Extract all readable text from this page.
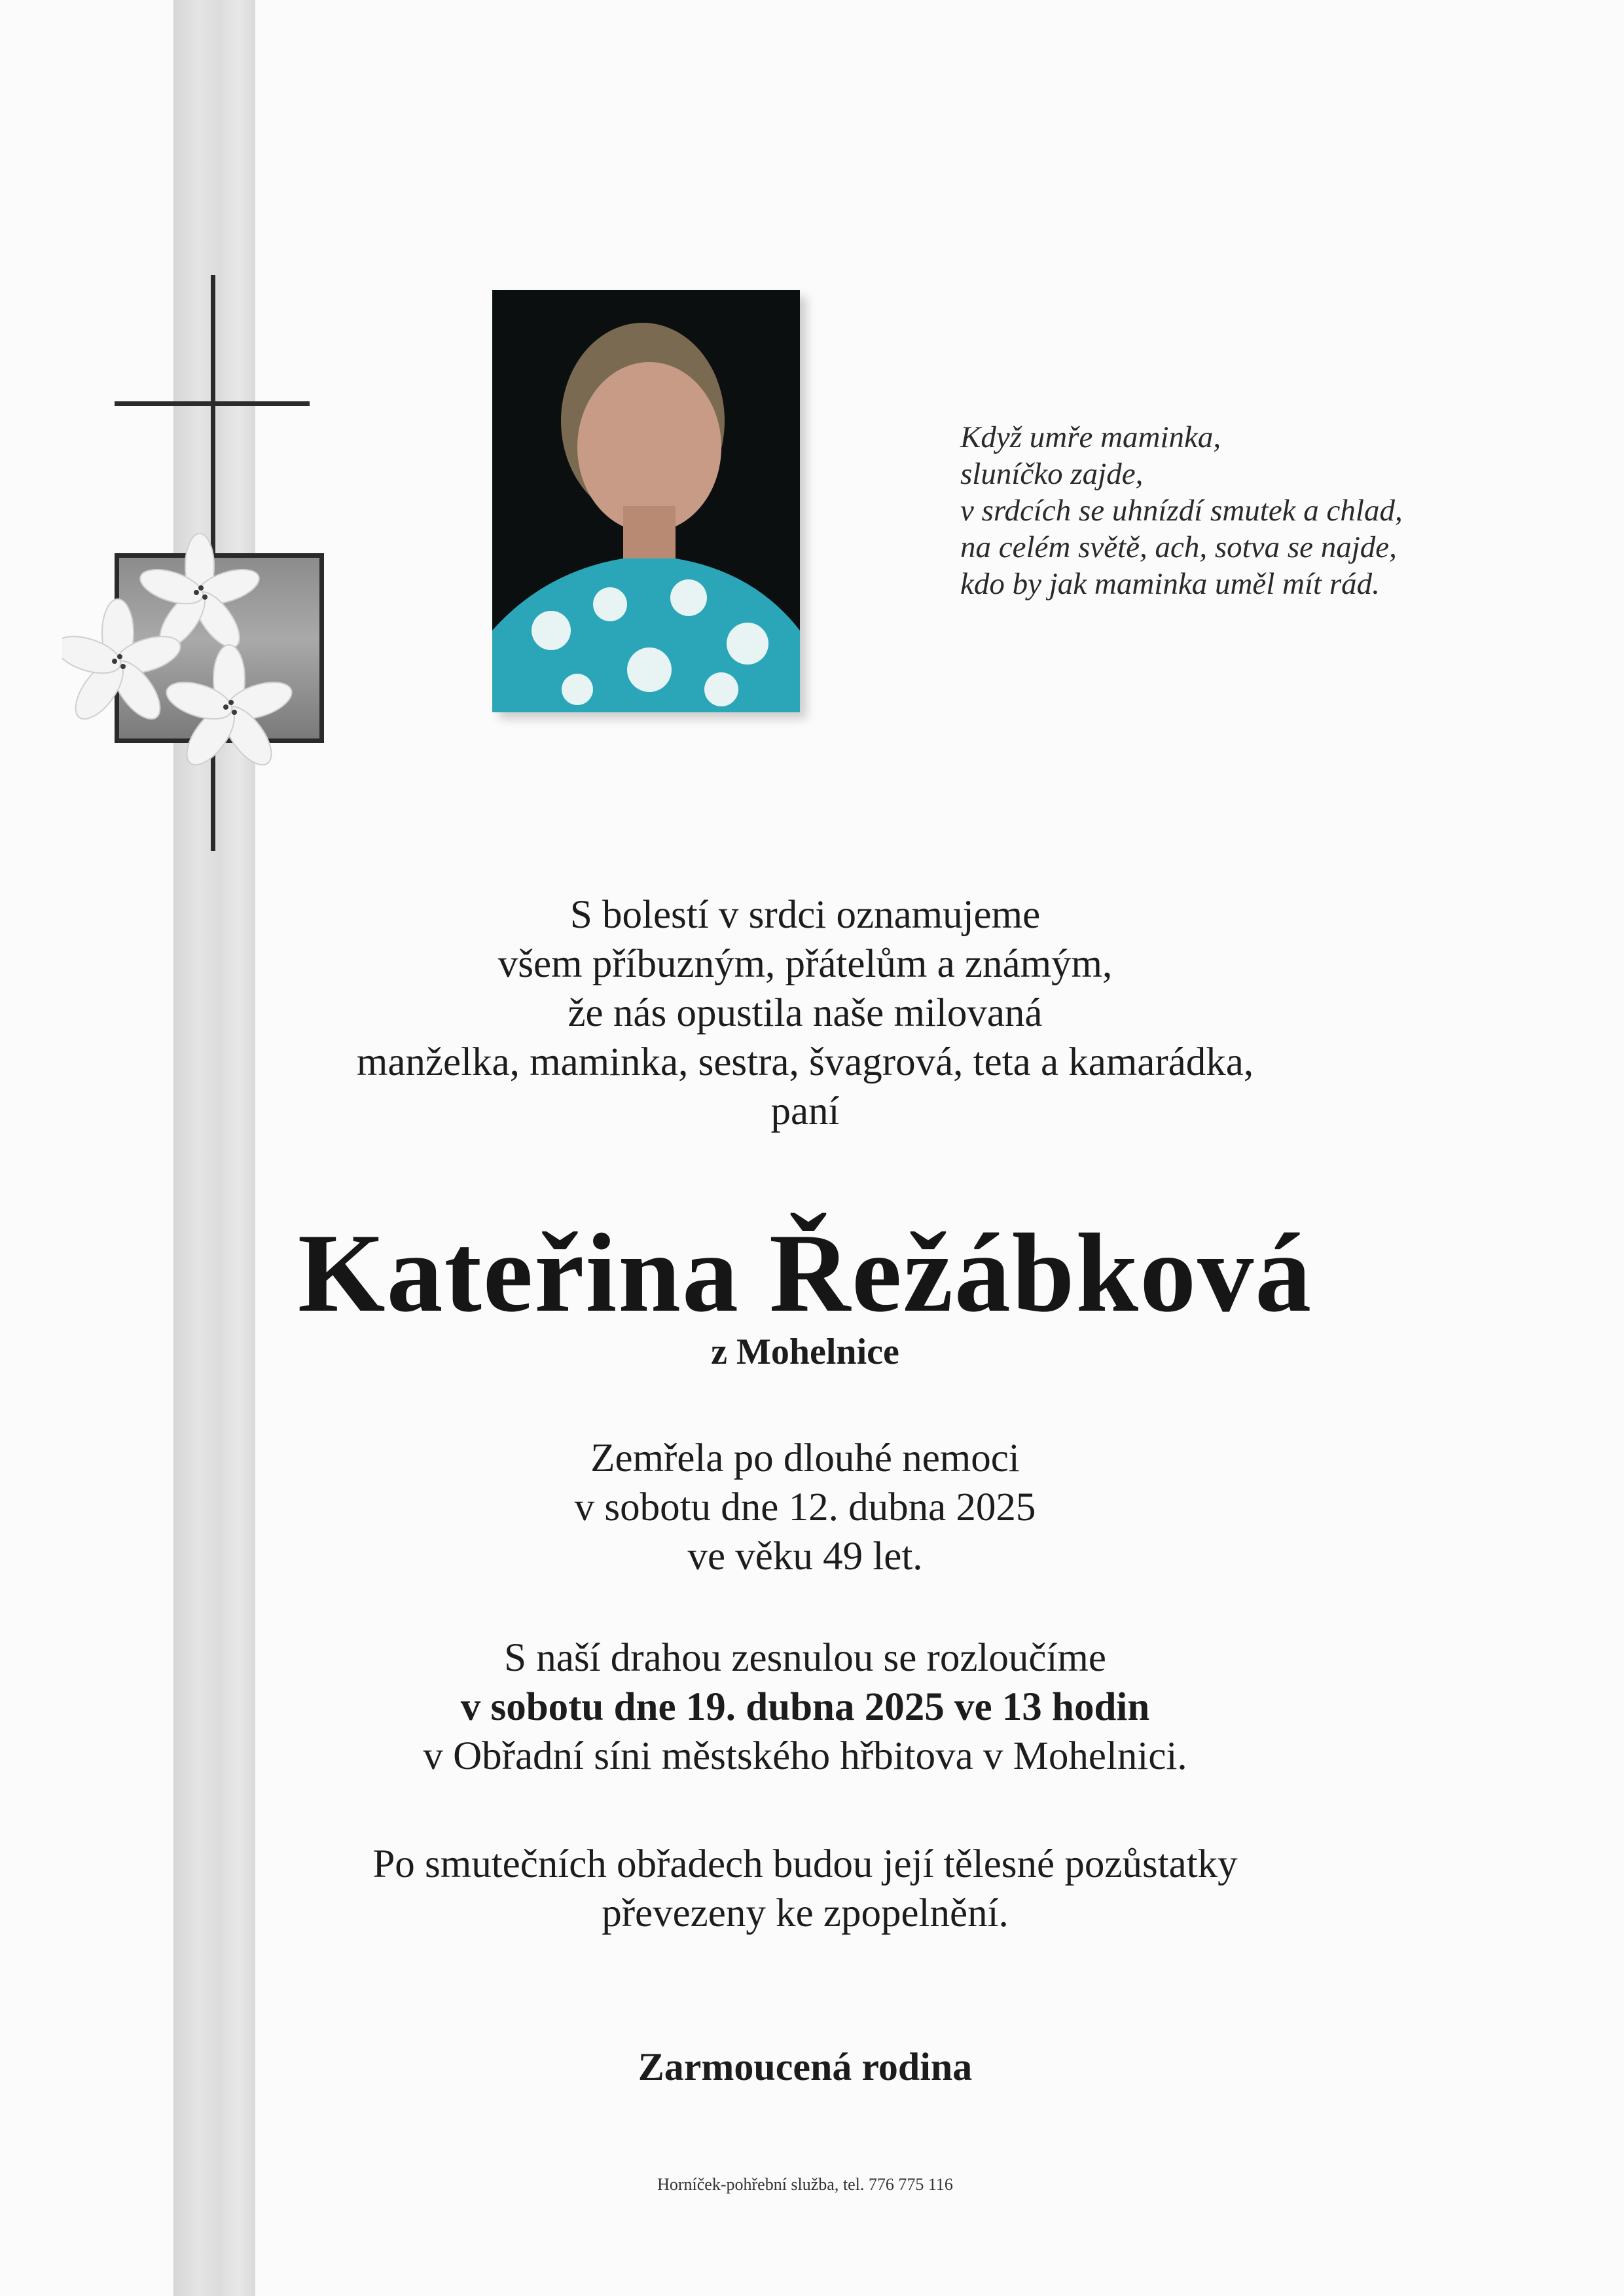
Když umře maminka,
sluníčko zajde,
v srdcích se uhnízdí smutek a chlad,
na celém světě, ach, sotva se najde,
kdo by jak maminka uměl mít rád.
S bolestí v srdci oznamujeme
všem příbuzným, přátelům a známým,
že nás opustila naše milovaná
manželka, maminka, sestra, švagrová, teta a kamarádka,
paní
Kateřina Řežábková
z Mohelnice
Zemřela po dlouhé nemoci
v sobotu dne 12. dubna 2025
ve věku 49 let.
S naší drahou zesnulou se rozloučíme
v sobotu dne 19. dubna 2025 ve 13 hodin
v Obřadní síni městského hřbitova v Mohelnici.
Po smutečních obřadech budou její tělesné pozůstatky
převezeny ke zpopelnění.
Zarmoucená rodina
Horníček-pohřební služba, tel. 776 775 116
